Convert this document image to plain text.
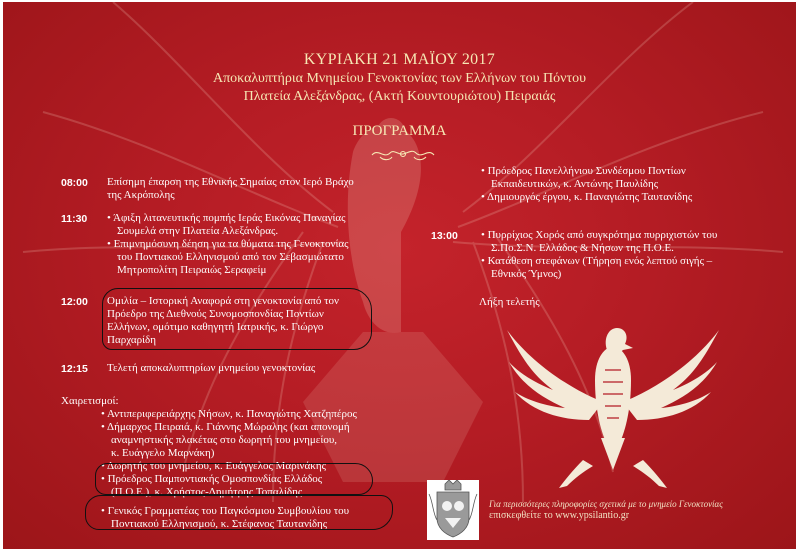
ΚΥΡΙΑΚΗ 21 ΜΑΪΟΥ 2017
Αποκαλυπτήρια Μνημείου Γενοκτονίας των Ελλήνων του Πόντου
Πλατεία Αλεξάνδρας, (Ακτή Κουντουριώτου) Πειραιάς
ΠΡΟΓΡΑΜΜΑ
08:00 Επίσημη έπαρση της Εθνικής Σημαίας στον Ιερό Βράχο
της Ακρόπολης
11:30	• Άφιξη λιτανευτικής πομπής Ιεράς Εικόνας Παναγίας
Σουμελά στην Πλατεία Αλεξάνδρας.
• Επιμνημόσυνη δέηση για τα θύματα της Γενοκτονίας
του Ποντιακού Ελληνισμού από τον Σεβασμιώτατο
Μητροπολίτη Πειραιώς Σεραφείμ
12:00 Ομιλία – Ιστορική Αναφορά στη γενοκτονία από τον
Πρόεδρο της Διεθνούς Συνομοσπονδίας Ποντίων
Ελλήνων, ομότιμο καθηγητή Ιατρικής, κ. Γιώργο
Παρχαρίδη
12:15 Τελετή αποκαλυπτηρίων μνημείου γενοκτονίας
Χαιρετισμοί:
• Αντιπεριφερειάρχης Νήσων, κ. Παναγιώτης Χατζηπέρος
• Δήμαρχος Πειραιά, κ. Γιάννης Μώραλης (και απονομή
αναμνηστικής πλακέτας στο δωρητή του μνημείου,
κ. Ευάγγελο Μαρνάκη)
• Δωρητής του μνημείου, κ. Ευάγγελος Μαρινάκης
• Πρόεδρος Παμποντιακής Ομοσπονδίας Ελλάδος
(Π.Ο.Ε.), κ. Χρήστος-Δημήτρης Τοπαλίδης
• Γενικός Γραμματέας του Παγκόσμιου Συμβουλίου του
Ποντιακού Ελληνισμού, κ. Στέφανος Ταυτανίδης
• Πρόεδρος Πανελλήνιου Συνδέσμου Ποντίων
Εκπαιδευτικών, κ. Αντώνης Παυλίδης
• Δημιουργός έργου, κ. Παναγιώτης Ταυτανίδης
13:00	• Πυρρίχιος Χορός από συγκρότημα πυρριχιστών του
Σ.Πο.Σ.Ν. Ελλάδος & Νήσων της Π.Ο.Ε.
• Κατάθεση στεφάνων (Τήρηση ενός λεπτού σιγής –
Εθνικός Ύμνος)
Λήξη τελετής
Για περισσότερες πληροφορίες σχετικά με το μνημείο Γενοκτονίας
επισκεφθείτε το www.ypsilantio.gr
